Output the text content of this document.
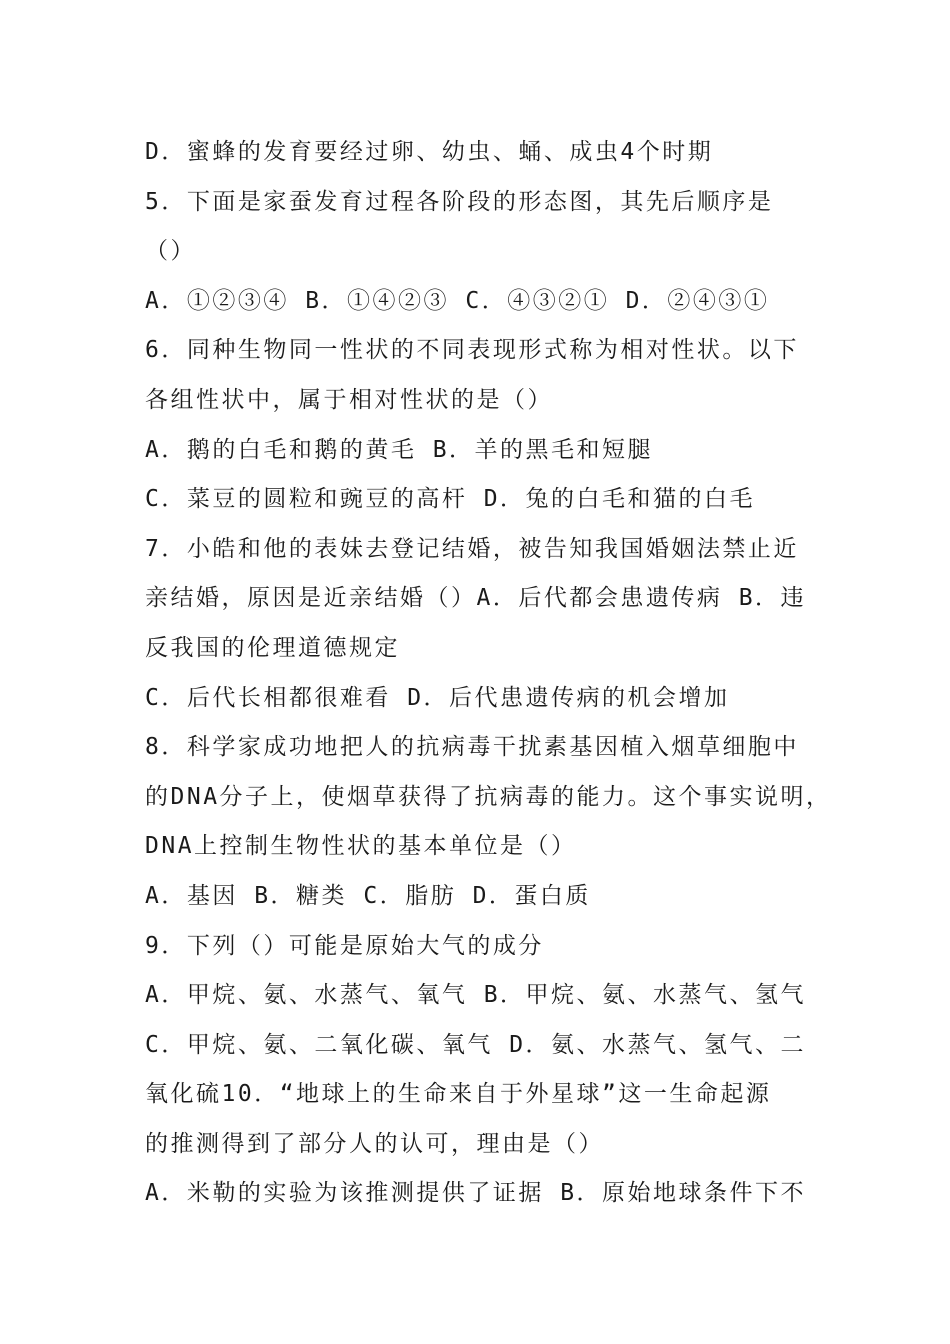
D．蜜蜂的发育要经过卵、幼虫、蛹、成虫4个时期
5．下面是家蚕发育过程各阶段的形态图，其先后顺序是
（）
A．①②③④ B．①④②③ C．④③②① D．②④③①
6．同种生物同一性状的不同表现形式称为相对性状。以下
各组性状中，属于相对性状的是（）
A．鹅的白毛和鹅的黄毛 B．羊的黑毛和短腿
C．菜豆的圆粒和豌豆的高杆 D．兔的白毛和猫的白毛
7．小皓和他的表妹去登记结婚，被告知我国婚姻法禁止近
亲结婚，原因是近亲结婚（）A．后代都会患遗传病 B．违
反我国的伦理道德规定
C．后代长相都很难看 D．后代患遗传病的机会增加
8．科学家成功地把人的抗病毒干扰素基因植入烟草细胞中
的DNA分子上，使烟草获得了抗病毒的能力。这个事实说明，
DNA上控制生物性状的基本单位是（）
A．基因 B．糖类 C．脂肪 D．蛋白质
9．下列（）可能是原始大气的成分
A．甲烷、氨、水蒸气、氧气 B．甲烷、氨、水蒸气、氢气
C．甲烷、氨、二氧化碳、氧气 D．氨、水蒸气、氢气、二
氧化硫10．“地球上的生命来自于外星球”这一生命起源
的推测得到了部分人的认可，理由是（）
A．米勒的实验为该推测提供了证据 B．原始地球条件下不
